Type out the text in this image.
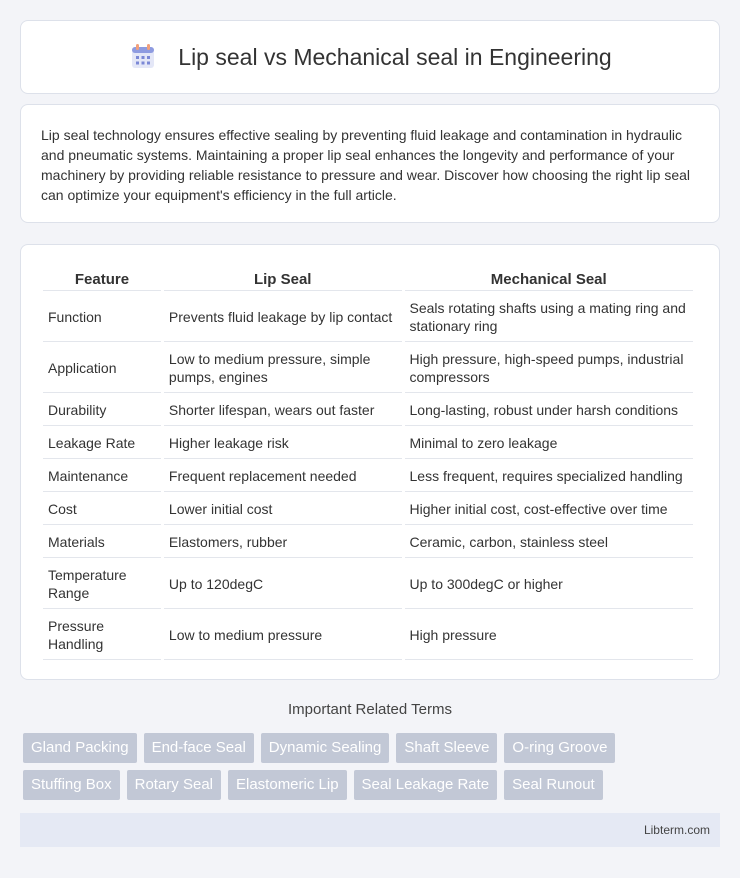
Lip seal vs Mechanical seal in Engineering

Lip seal technology ensures effective sealing by preventing fluid leakage and contamination in hydraulic and pneumatic systems. Maintaining a proper lip seal enhances the longevity and performance of your machinery by providing reliable resistance to pressure and wear. Discover how choosing the right lip seal can optimize your equipment's efficiency in the full article.

Feature	Lip Seal	Mechanical Seal
Function	Prevents fluid leakage by lip contact	Seals rotating shafts using a mating ring and stationary ring
Application	Low to medium pressure, simple pumps, engines	High pressure, high-speed pumps, industrial compressors
Durability	Shorter lifespan, wears out faster	Long-lasting, robust under harsh conditions
Leakage Rate	Higher leakage risk	Minimal to zero leakage
Maintenance	Frequent replacement needed	Less frequent, requires specialized handling
Cost	Lower initial cost	Higher initial cost, cost-effective over time
Materials	Elastomers, rubber	Ceramic, carbon, stainless steel
Temperature Range	Up to 120degC	Up to 300degC or higher
Pressure Handling	Low to medium pressure	High pressure
Important Related Terms
Gland Packing	End-face Seal	Dynamic Sealing	Shaft Sleeve	O-ring Groove
Stuffing Box	Rotary Seal	Elastomeric Lip	Seal Leakage Rate	Seal Runout
Libterm.com
